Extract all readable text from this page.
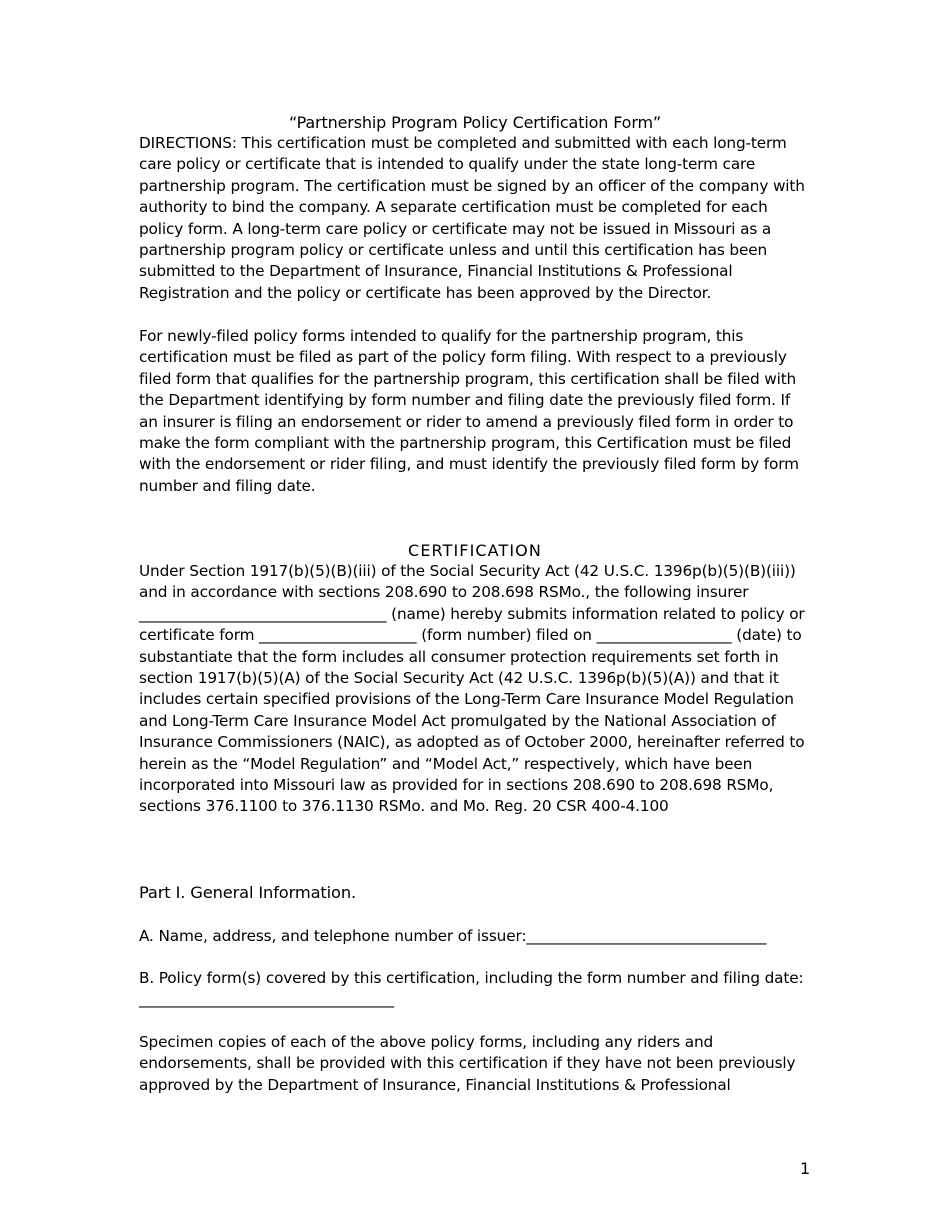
“Partnership Program Policy Certification Form”

DIRECTIONS: This certification must be completed and submitted with each long-term care policy or certificate that is intended to qualify under the state long-term care partnership program. The certification must be signed by an officer of the company with authority to bind the company. A separate certification must be completed for each policy form. A long-term care policy or certificate may not be issued in Missouri as a partnership program policy or certificate unless and until this certification has been submitted to the Department of Insurance, Financial Institutions & Professional Registration and the policy or certificate has been approved by the Director.

For newly-filed policy forms intended to qualify for the partnership program, this certification must be filed as part of the policy form filing. With respect to a previously filed form that qualifies for the partnership program, this certification shall be filed with the Department identifying by form number and filing date the previously filed form. If an insurer is filing an endorsement or rider to amend a previously filed form in order to make the form compliant with the partnership program, this Certification must be filed with the endorsement or rider filing, and must identify the previously filed form by form number and filing date.

CERTIFICATION

Under Section 1917(b)(5)(B)(iii) of the Social Security Act (42 U.S.C. 1396p(b)(5)(B)(iii)) and in accordance with sections 208.690 to 208.698 RSMo., the following insurer _________________________________ (name) hereby submits information related to policy or certificate form _____________________ (form number) filed on __________________ (date) to substantiate that the form includes all consumer protection requirements set forth in section 1917(b)(5)(A) of the Social Security Act (42 U.S.C. 1396p(b)(5)(A)) and that it includes certain specified provisions of the Long-Term Care Insurance Model Regulation and Long-Term Care Insurance Model Act promulgated by the National Association of Insurance Commissioners (NAIC), as adopted as of October 2000, hereinafter referred to herein as the “Model Regulation” and “Model Act,” respectively, which have been incorporated into Missouri law as provided for in sections 208.690 to 208.698 RSMo, sections 376.1100 to 376.1130 RSMo. and Mo. Reg. 20 CSR 400-4.100

Part I. General Information.

A. Name, address, and telephone number of issuer:________________________________

B. Policy form(s) covered by this certification, including the form number and filing date: __________________________________

Specimen copies of each of the above policy forms, including any riders and endorsements, shall be provided with this certification if they have not been previously approved by the Department of Insurance, Financial Institutions & Professional

1
